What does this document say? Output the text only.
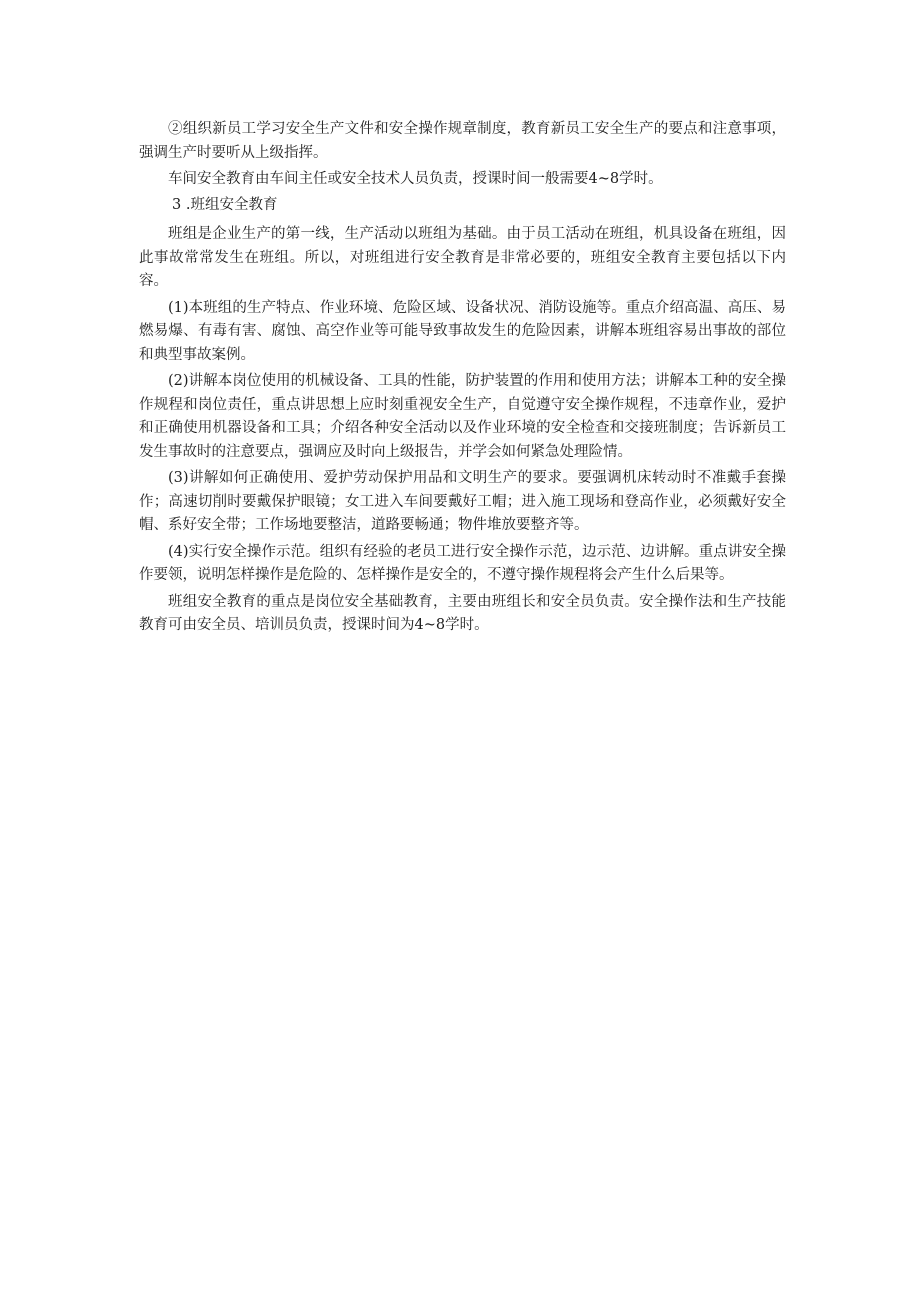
②组织新员工学习安全生产文件和安全操作规章制度，教育新员工安全生产的要点和注意事项，强调生产时要听从上级指挥。

车间安全教育由车间主任或安全技术人员负责，授课时间一般需要4~8学时。

3 .班组安全教育

班组是企业生产的第一线，生产活动以班组为基础。由于员工活动在班组，机具设备在班组，因此事故常常发生在班组。所以，对班组进行安全教育是非常必要的，班组安全教育主要包括以下内容。

(1)本班组的生产特点、作业环境、危险区域、设备状况、消防设施等。重点介绍高温、高压、易燃易爆、有毒有害、腐蚀、高空作业等可能导致事故发生的危险因素，讲解本班组容易出事故的部位和典型事故案例。

(2)讲解本岗位使用的机械设备、工具的性能，防护装置的作用和使用方法；讲解本工种的安全操作规程和岗位责任，重点讲思想上应时刻重视安全生产，自觉遵守安全操作规程，不违章作业，爱护和正确使用机器设备和工具；介绍各种安全活动以及作业环境的安全检查和交接班制度；告诉新员工发生事故时的注意要点，强调应及时向上级报告，并学会如何紧急处理险情。

(3)讲解如何正确使用、爱护劳动保护用品和文明生产的要求。要强调机床转动时不准戴手套操作；高速切削时要戴保护眼镜；女工进入车间要戴好工帽；进入施工现场和登高作业，必须戴好安全帽、系好安全带；工作场地要整洁，道路要畅通；物件堆放要整齐等。

(4)实行安全操作示范。组织有经验的老员工进行安全操作示范，边示范、边讲解。重点讲安全操作要领，说明怎样操作是危险的、怎样操作是安全的，不遵守操作规程将会产生什么后果等。

班组安全教育的重点是岗位安全基础教育，主要由班组长和安全员负责。安全操作法和生产技能教育可由安全员、培训员负责，授课时间为4~8学时。
